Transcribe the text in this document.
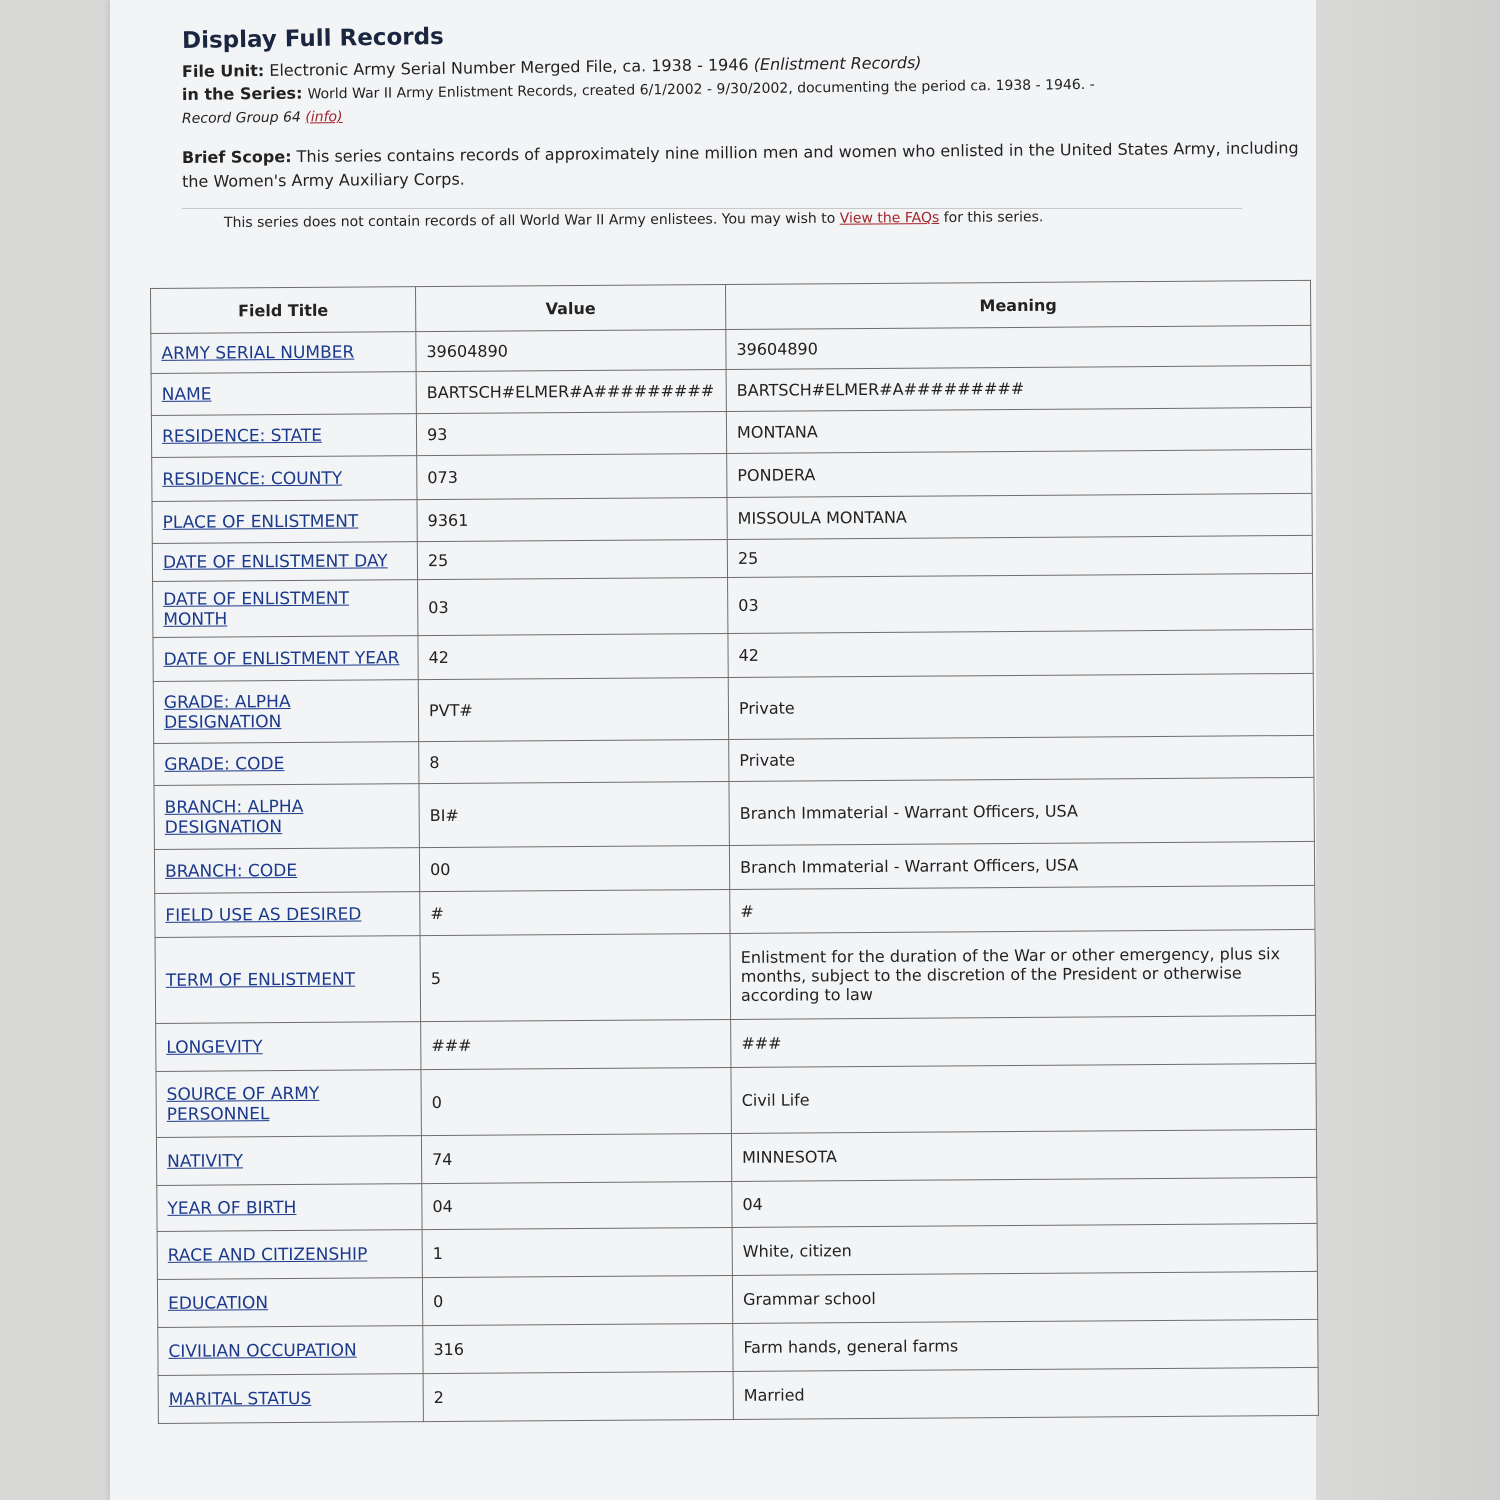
Display Full Records
File Unit: Electronic Army Serial Number Merged File, ca. 1938 - 1946 (Enlistment Records)
in the Series: World War II Army Enlistment Records, created 6/1/2002 - 9/30/2002, documenting the period ca. 1938 - 1946. -
Record Group 64 (info)
Brief Scope: This series contains records of approximately nine million men and women who enlisted in the United States Army, including the Women's Army Auxiliary Corps.
This series does not contain records of all World War II Army enlistees. You may wish to View the FAQs for this series.
Field Title	Value	Meaning
ARMY SERIAL NUMBER	39604890	39604890
NAME	BARTSCH#ELMER#A#########	BARTSCH#ELMER#A#########
RESIDENCE: STATE	93	MONTANA
RESIDENCE: COUNTY	073	PONDERA
PLACE OF ENLISTMENT	9361	MISSOULA MONTANA
DATE OF ENLISTMENT DAY	25	25
DATE OF ENLISTMENT MONTH	03	03
DATE OF ENLISTMENT YEAR	42	42
GRADE: ALPHA DESIGNATION	PVT#	Private
GRADE: CODE	8	Private
BRANCH: ALPHA DESIGNATION	BI#	Branch Immaterial - Warrant Officers, USA
BRANCH: CODE	00	Branch Immaterial - Warrant Officers, USA
FIELD USE AS DESIRED	#	#
TERM OF ENLISTMENT	5	Enlistment for the duration of the War or other emergency, plus six months, subject to the discretion of the President or otherwise according to law
LONGEVITY	###	###
SOURCE OF ARMY PERSONNEL	0	Civil Life
NATIVITY	74	MINNESOTA
YEAR OF BIRTH	04	04
RACE AND CITIZENSHIP	1	White, citizen
EDUCATION	0	Grammar school
CIVILIAN OCCUPATION	316	Farm hands, general farms
MARITAL STATUS	2	Married
